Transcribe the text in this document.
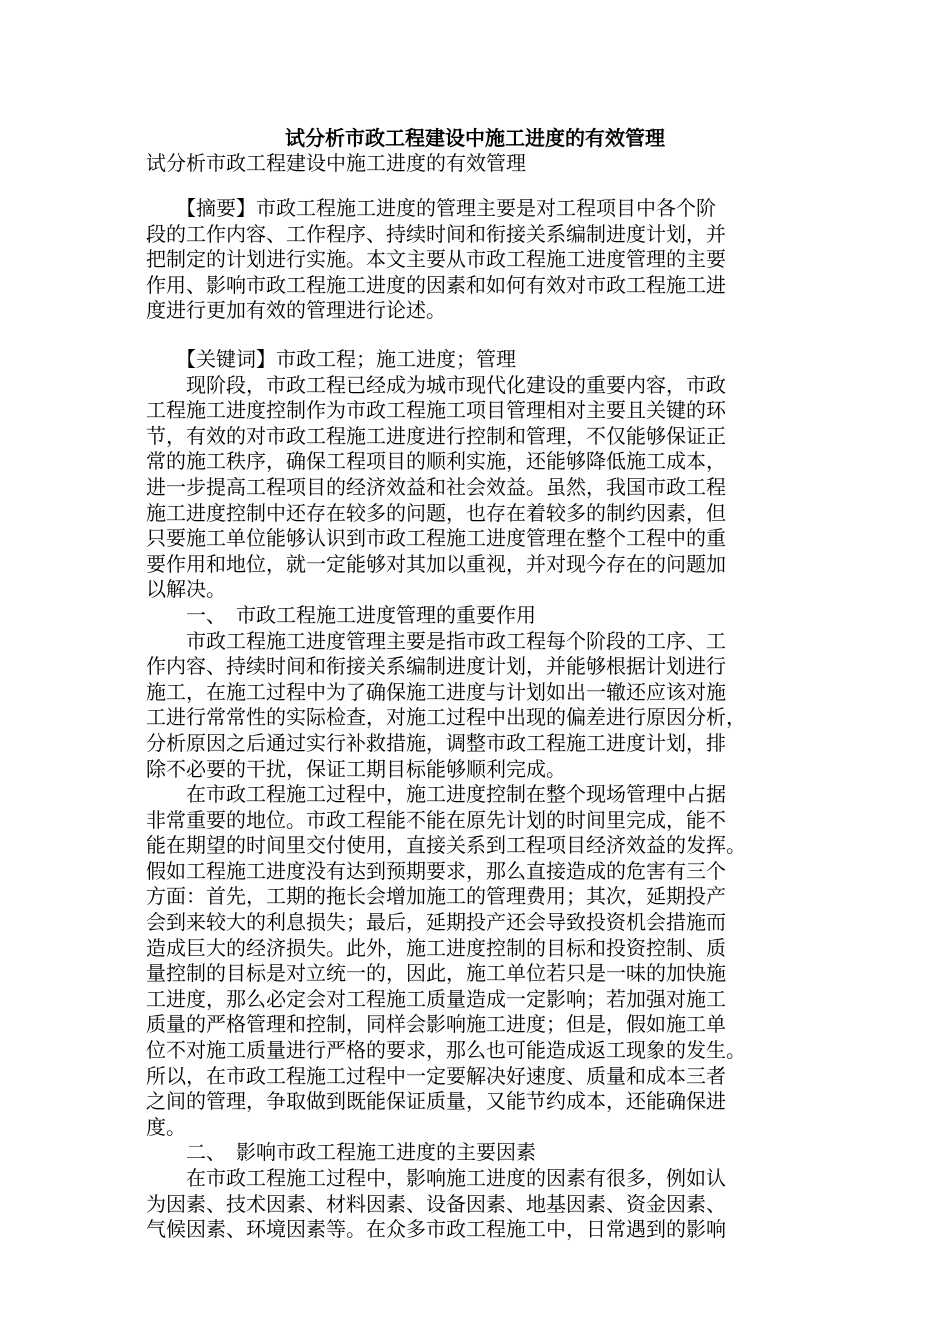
试分析市政工程建设中施工进度的有效管理
试分析市政工程建设中施工进度的有效管理
　　【摘要】市政工程施工进度的管理主要是对工程项目中各个阶
段的工作内容、工作程序、持续时间和衔接关系编制进度计划，并
把制定的计划进行实施。本文主要从市政工程施工进度管理的主要
作用、影响市政工程施工进度的因素和如何有效对市政工程施工进
度进行更加有效的管理进行论述。
　　【关键词】市政工程；施工进度；管理
　　现阶段，市政工程已经成为城市现代化建设的重要内容，市政
工程施工进度控制作为市政工程施工项目管理相对主要且关键的环
节，有效的对市政工程施工进度进行控制和管理，不仅能够保证正
常的施工秩序，确保工程项目的顺利实施，还能够降低施工成本，
进一步提高工程项目的经济效益和社会效益。虽然，我国市政工程
施工进度控制中还存在较多的问题，也存在着较多的制约因素，但
只要施工单位能够认识到市政工程施工进度管理在整个工程中的重
要作用和地位，就一定能够对其加以重视，并对现今存在的问题加
以解决。
　　一、　市政工程施工进度管理的重要作用
　　市政工程施工进度管理主要是指市政工程每个阶段的工序、工
作内容、持续时间和衔接关系编制进度计划，并能够根据计划进行
施工，在施工过程中为了确保施工进度与计划如出一辙还应该对施
工进行常常性的实际检查，对施工过程中出现的偏差进行原因分析，
分析原因之后通过实行补救措施，调整市政工程施工进度计划，排
除不必要的干扰，保证工期目标能够顺利完成。
　　在市政工程施工过程中，施工进度控制在整个现场管理中占据
非常重要的地位。市政工程能不能在原先计划的时间里完成，能不
能在期望的时间里交付使用，直接关系到工程项目经济效益的发挥。
假如工程施工进度没有达到预期要求，那么直接造成的危害有三个
方面：首先，工期的拖长会增加施工的管理费用；其次，延期投产
会到来较大的利息损失；最后，延期投产还会导致投资机会措施而
造成巨大的经济损失。此外，施工进度控制的目标和投资控制、质
量控制的目标是对立统一的，因此，施工单位若只是一味的加快施
工进度，那么必定会对工程施工质量造成一定影响；若加强对施工
质量的严格管理和控制，同样会影响施工进度；但是，假如施工单
位不对施工质量进行严格的要求，那么也可能造成返工现象的发生。
所以，在市政工程施工过程中一定要解决好速度、质量和成本三者
之间的管理，争取做到既能保证质量，又能节约成本，还能确保进
度。
　　二、　影响市政工程施工进度的主要因素
　　在市政工程施工过程中，影响施工进度的因素有很多，例如认
为因素、技术因素、材料因素、设备因素、地基因素、资金因素、
气候因素、环境因素等。在众多市政工程施工中，日常遇到的影响
